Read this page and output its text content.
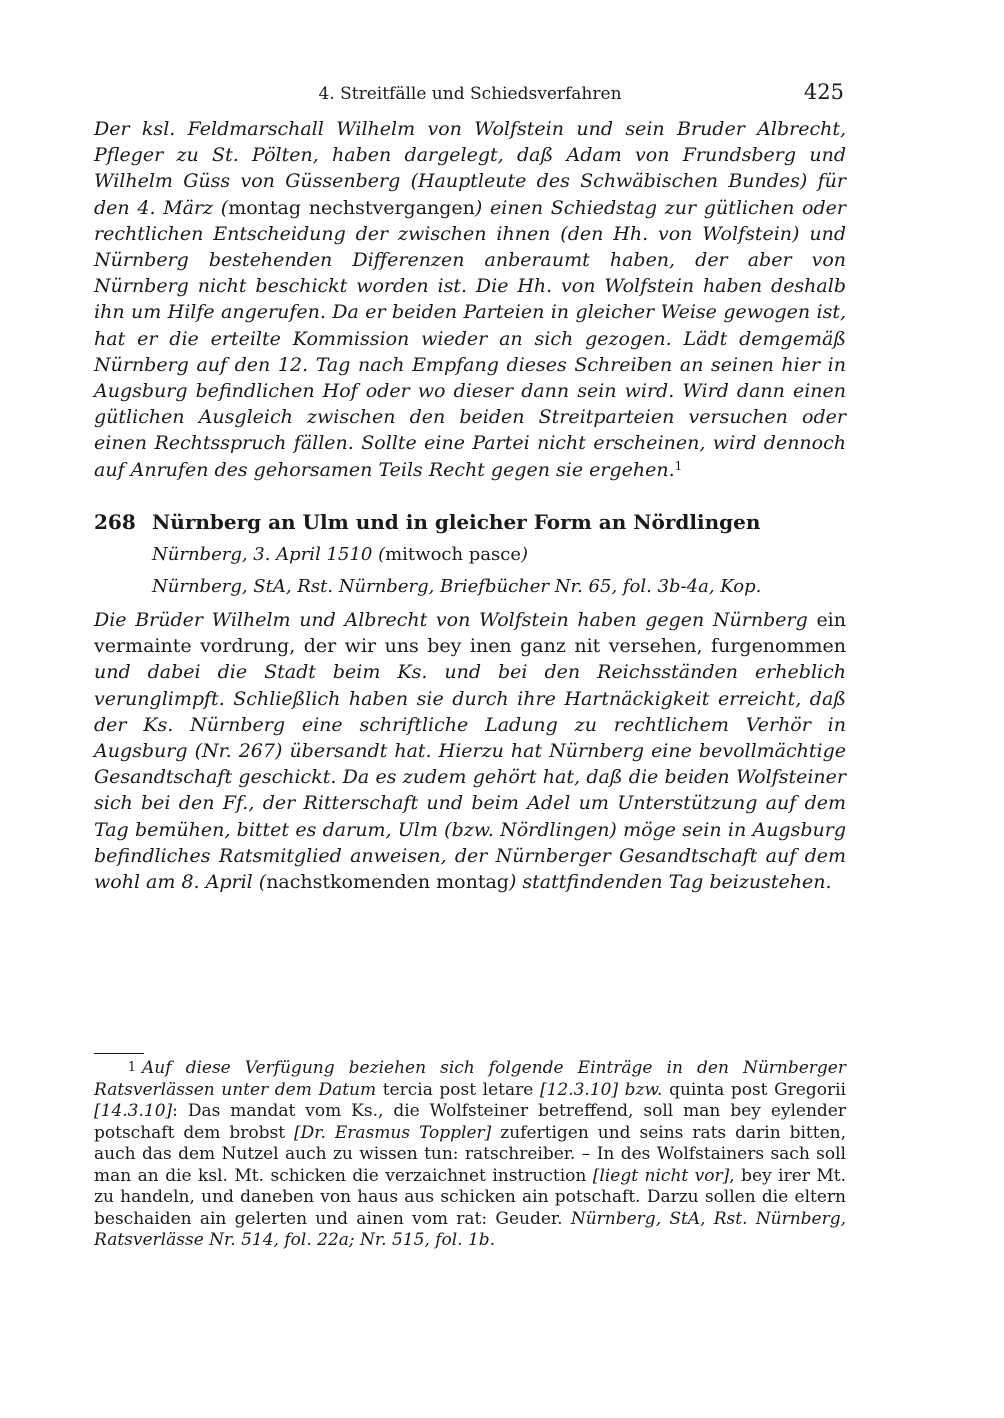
4. Streitfälle und Schiedsverfahren	425

Der ksl. Feldmarschall Wilhelm von Wolfstein und sein Bruder Albrecht, Pfleger zu St. Pölten, haben dargelegt, daß Adam von Frundsberg und Wilhelm Güss von Güssenberg (Hauptleute des Schwäbischen Bundes) für den 4. März (montag nechstvergangen) einen Schiedstag zur gütlichen oder rechtlichen Entscheidung der zwischen ihnen (den Hh. von Wolfstein) und Nürnberg bestehenden Differenzen anberaumt haben, der aber von Nürnberg nicht beschickt worden ist. Die Hh. von Wolfstein haben deshalb ihn um Hilfe angerufen. Da er beiden Parteien in gleicher Weise gewogen ist, hat er die erteilte Kommission wieder an sich gezogen. Lädt demgemäß Nürnberg auf den 12. Tag nach Empfang dieses Schreiben an seinen hier in Augsburg befindlichen Hof oder wo dieser dann sein wird. Wird dann einen gütlichen Ausgleich zwischen den beiden Streitparteien versuchen oder einen Rechtsspruch fällen. Sollte eine Partei nicht erscheinen, wird dennoch auf Anrufen des gehorsamen Teils Recht gegen sie ergehen.$^1$

268 Nürnberg an Ulm und in gleicher Form an Nördlingen
Nürnberg, 3. April 1510 (mitwoch pasce)
Nürnberg, StA, Rst. Nürnberg, Briefbücher Nr. 65, fol. 3b-4a, Kop.

Die Brüder Wilhelm und Albrecht von Wolfstein haben gegen Nürnberg ein vermainte vordrung, der wir uns bey inen ganz nit versehen, furgenommen und dabei die Stadt beim Ks. und bei den Reichsständen erheblich verunglimpft. Schließlich haben sie durch ihre Hartnäckigkeit erreicht, daß der Ks. Nürnberg eine schriftliche Ladung zu rechtlichem Verhör in Augsburg (Nr. 267) übersandt hat. Hierzu hat Nürnberg eine bevollmächtige Gesandtschaft geschickt. Da es zudem gehört hat, daß die beiden Wolfsteiner sich bei den Ff., der Ritterschaft und beim Adel um Unterstützung auf dem Tag bemühen, bittet es darum, Ulm (bzw. Nördlingen) möge sein in Augsburg befindliches Ratsmitglied anweisen, der Nürnberger Gesandtschaft auf dem wohl am 8. April (nachstkomenden montag) stattfindenden Tag beizustehen.

1 Auf diese Verfügung beziehen sich folgende Einträge in den Nürnberger Ratsverlässen unter dem Datum tercia post letare [12.3.10] bzw. quinta post Gregorii [14.3.10]: Das mandat vom Ks., die Wolfsteiner betreffend, soll man bey eylender potschaft dem brobst [Dr. Erasmus Toppler] zufertigen und seins rats darin bitten, auch das dem Nutzel auch zu wissen tun: ratschreiber. – In des Wolfstainers sach soll man an die ksl. Mt. schicken die verzaichnet instruction [liegt nicht vor], bey irer Mt. zu handeln, und daneben von haus aus schicken ain potschaft. Darzu sollen die eltern beschaiden ain gelerten und ainen vom rat: Geuder. Nürnberg, StA, Rst. Nürnberg, Ratsverlässe Nr. 514, fol. 22a; Nr. 515, fol. 1b.
